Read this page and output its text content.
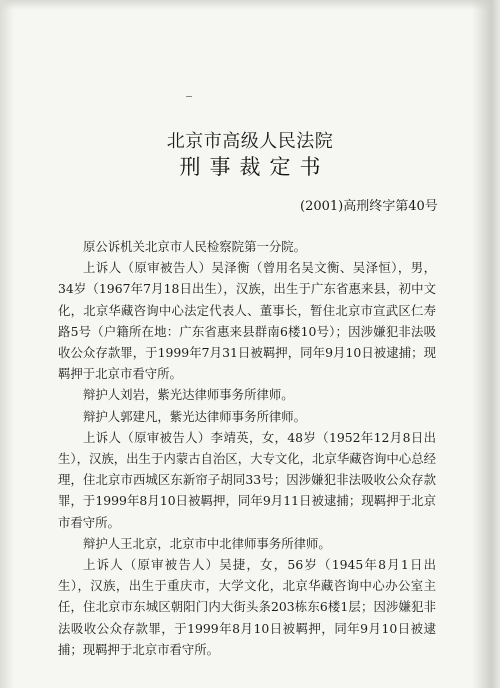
北京市高级人民法院
刑事裁定书
(2001)高刑终字第40号

原公诉机关北京市人民检察院第一分院。

上诉人（原审被告人）吴泽衡（曾用名吴文衡、吴泽恒），男，34岁（1967年7月18日出生），汉族，出生于广东省惠来县，初中文化，北京华藏咨询中心法定代表人、董事长，暂住北京市宣武区仁寿路5号（户籍所在地：广东省惠来县群南6楼10号）；因涉嫌犯非法吸收公众存款罪，于1999年7月31日被羁押，同年9月10日被逮捕；现羁押于北京市看守所。

辩护人刘岩，紫光达律师事务所律师。

辩护人郭建凡，紫光达律师事务所律师。

上诉人（原审被告人）李靖英，女，48岁（1952年12月8日出生），汉族，出生于内蒙古自治区，大专文化，北京华藏咨询中心总经理，住北京市西城区东新帘子胡同33号；因涉嫌犯非法吸收公众存款罪，于1999年8月10日被羁押，同年9月11日被逮捕；现羁押于北京市看守所。

辩护人王北京，北京市中北律师事务所律师。

上诉人（原审被告人）吴捷，女，56岁（1945年8月1日出生），汉族，出生于重庆市，大学文化，北京华藏咨询中心办公室主任，住北京市东城区朝阳门内大街头条203栋东6楼1层；因涉嫌犯非法吸收公众存款罪，于1999年8月10日被羁押，同年9月10日被逮捕；现羁押于北京市看守所。
